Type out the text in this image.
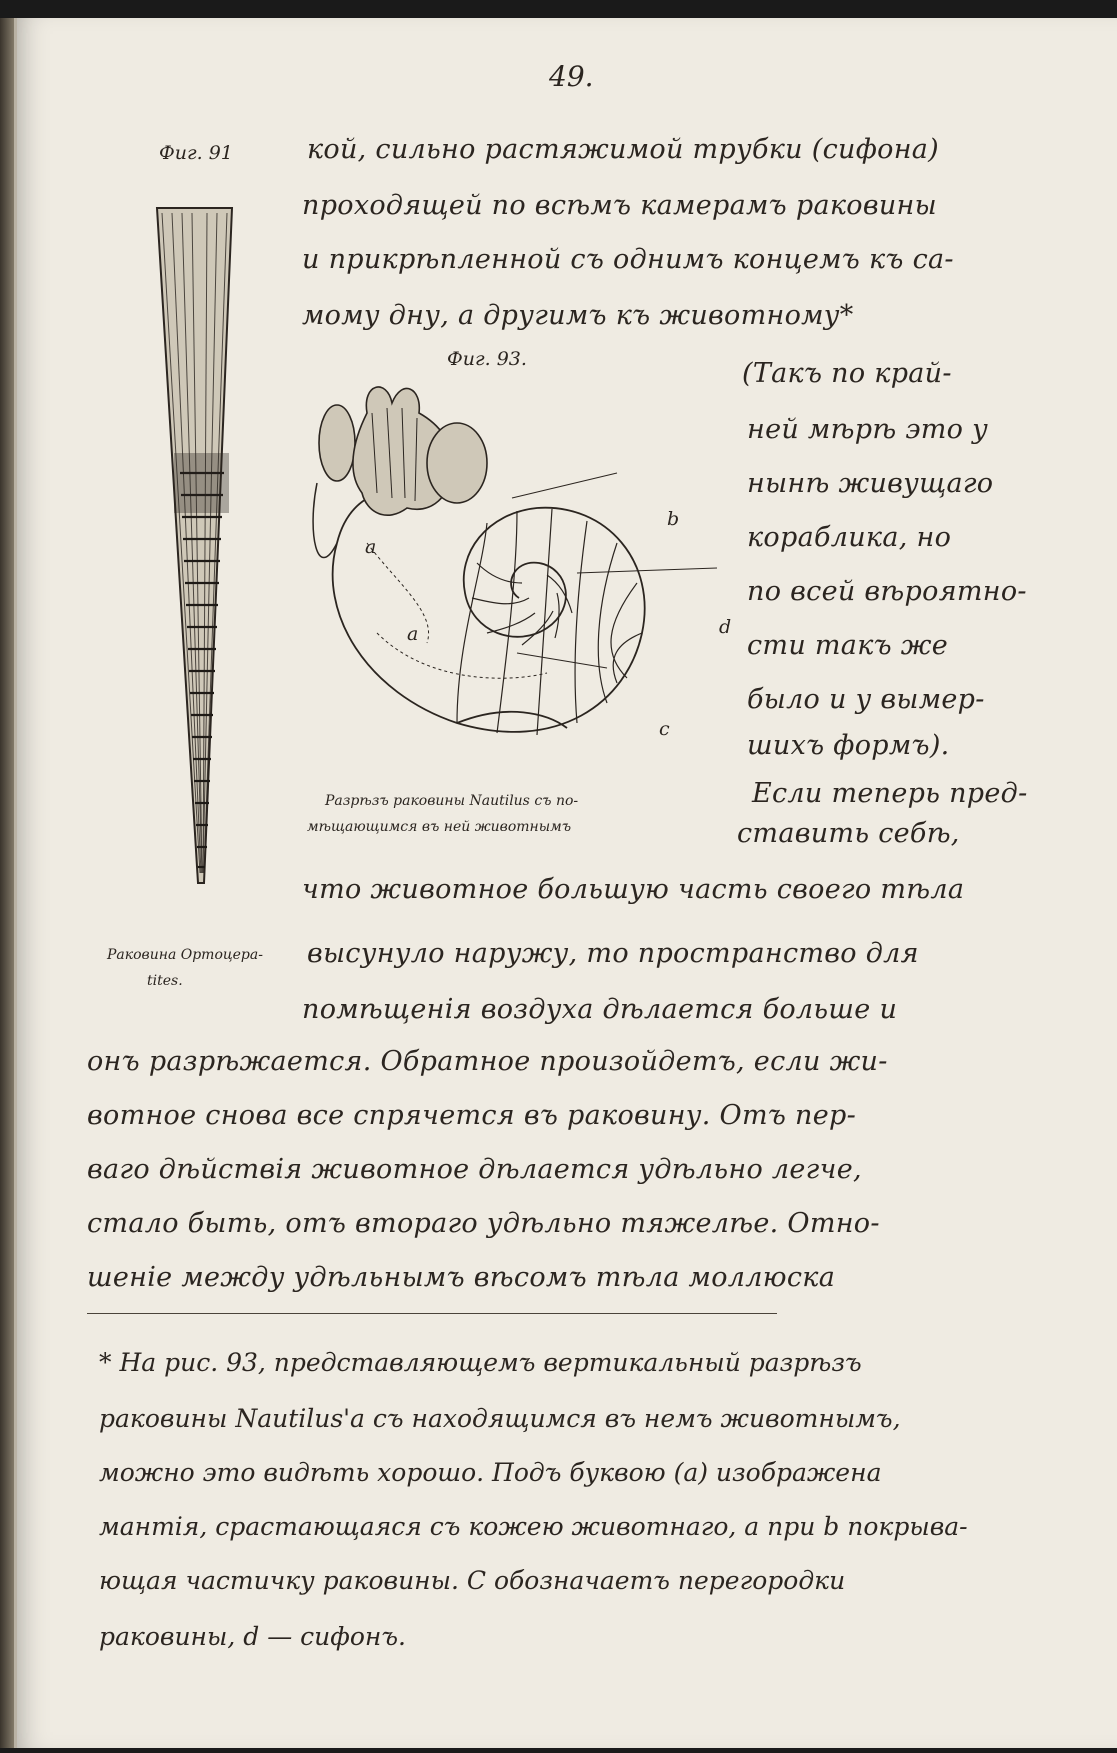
49.
Фиг. 91	кой, сильно растяжимой трубки (сифона)
проходящей по всѣмъ камерамъ раковины
и прикрѣпленной съ однимъ концемъ къ са-
мому дну, а другимъ къ животному*
Фиг. 93.
a
a
b
d
c
(Такъ по край-
ней мѣрѣ это у
нынѣ живущаго
кораблика, но
по всей вѣроятно-
сти такъ же
было и у вымер-
шихъ формъ).
Если теперь пред-
Разрѣзъ раковины Nautilus съ по-
мѣщающимся въ ней животнымъ	ставить себѣ,
что животное большую часть своего тѣла
Раковина Ортоцера-
tites.
высунуло наружу, то пространство для
помѣщенія воздуха дѣлается больше и
онъ разрѣжается. Обратное произойдетъ, если жи-
вотное снова все спрячется въ раковину. Отъ пер-
ваго дѣйствія животное дѣлается удѣльно легче,
стало быть, отъ втораго удѣльно тяжелѣе. Отно-
шеніе между удѣльнымъ вѣсомъ тѣла моллюска
* На рис. 93, представляющемъ вертикальный разрѣзъ
раковины Nautilus'а съ находящимся въ немъ животнымъ,
можно это видѣть хорошо. Подъ буквою (а) изображена
мантія, срастающаяся съ кожею животнаго, а при b покрыва-
ющая частичку раковины. С обозначаетъ перегородки
раковины, d — сифонъ.
